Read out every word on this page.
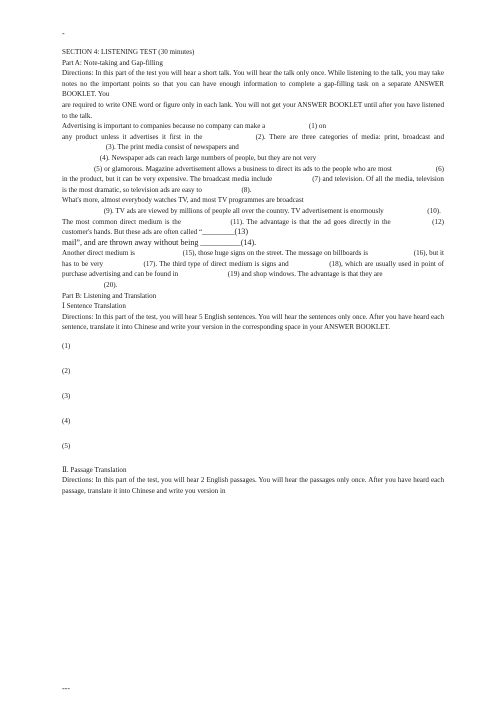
-

SECTION 4: LISTENING TEST (30 minutes)

Part A: Note-taking and Gap-filling

Directions: In this part of the test you will hear a short talk. You will hear the talk only once. While listening to the talk, you may take notes no the important points so that you can have enough information to complete a gap-filling task on a separate ANSWER BOOKLET. You
are required to write ONE word or figure only in each lank. You will not get your ANSWER BOOKLET until after you have listened to the talk.

Advertising is important to companies because no company can make a	(1) on
any product unless it advertises it first in the	(2). There are three categories of media: print, broadcast and  (3). The print media consist of newspapers and
(4). Newspaper ads can reach large numbers of people, but they are not very
(5) or glamorous. Magazine advertisement allows a business to direct its ads to the people who are most	(6) in the product, but it can be very expensive. The broadcast media include	(7) and television. Of all the media, television is the most dramatic, so television ads are easy to	(8).

What's more, almost everybody watches TV, and most TV programmes are broadcast
(9). TV ads are viewed by millions of people all over the country. TV advertisement is enormously	(10).

The most common direct medium is the	(11). The advantage is that the ad goes directly in the	(12) customer's hands. But these ads are often called “________(13)
mail”, and are thrown away without being __________(14).

Another direct medium is	(15), those huge signs on the street. The message on billboards is	(16), but it has to be very	(17). The third type of direct medium is signs and	(18), which are usually used in point of purchase advertising and can be found in	(19) and shop windows. The advantage is that they are
(20).

Part B: Listening and Translation

Ⅰ Sentence Translation

Directions: In this part of the test, you will hear 5 English sentences. You will hear the sentences only once. After you have heard each sentence, translate it into Chinese and write your version in the corresponding space in your ANSWER BOOKLET.

(1)

(2)

(3)

(4)

(5)

Ⅱ. Passage Translation

Directions: In this part of the test, you will hear 2 English passages. You will hear the passages only once. After you have heard each passage, translate it into Chinese and write you version in

---
